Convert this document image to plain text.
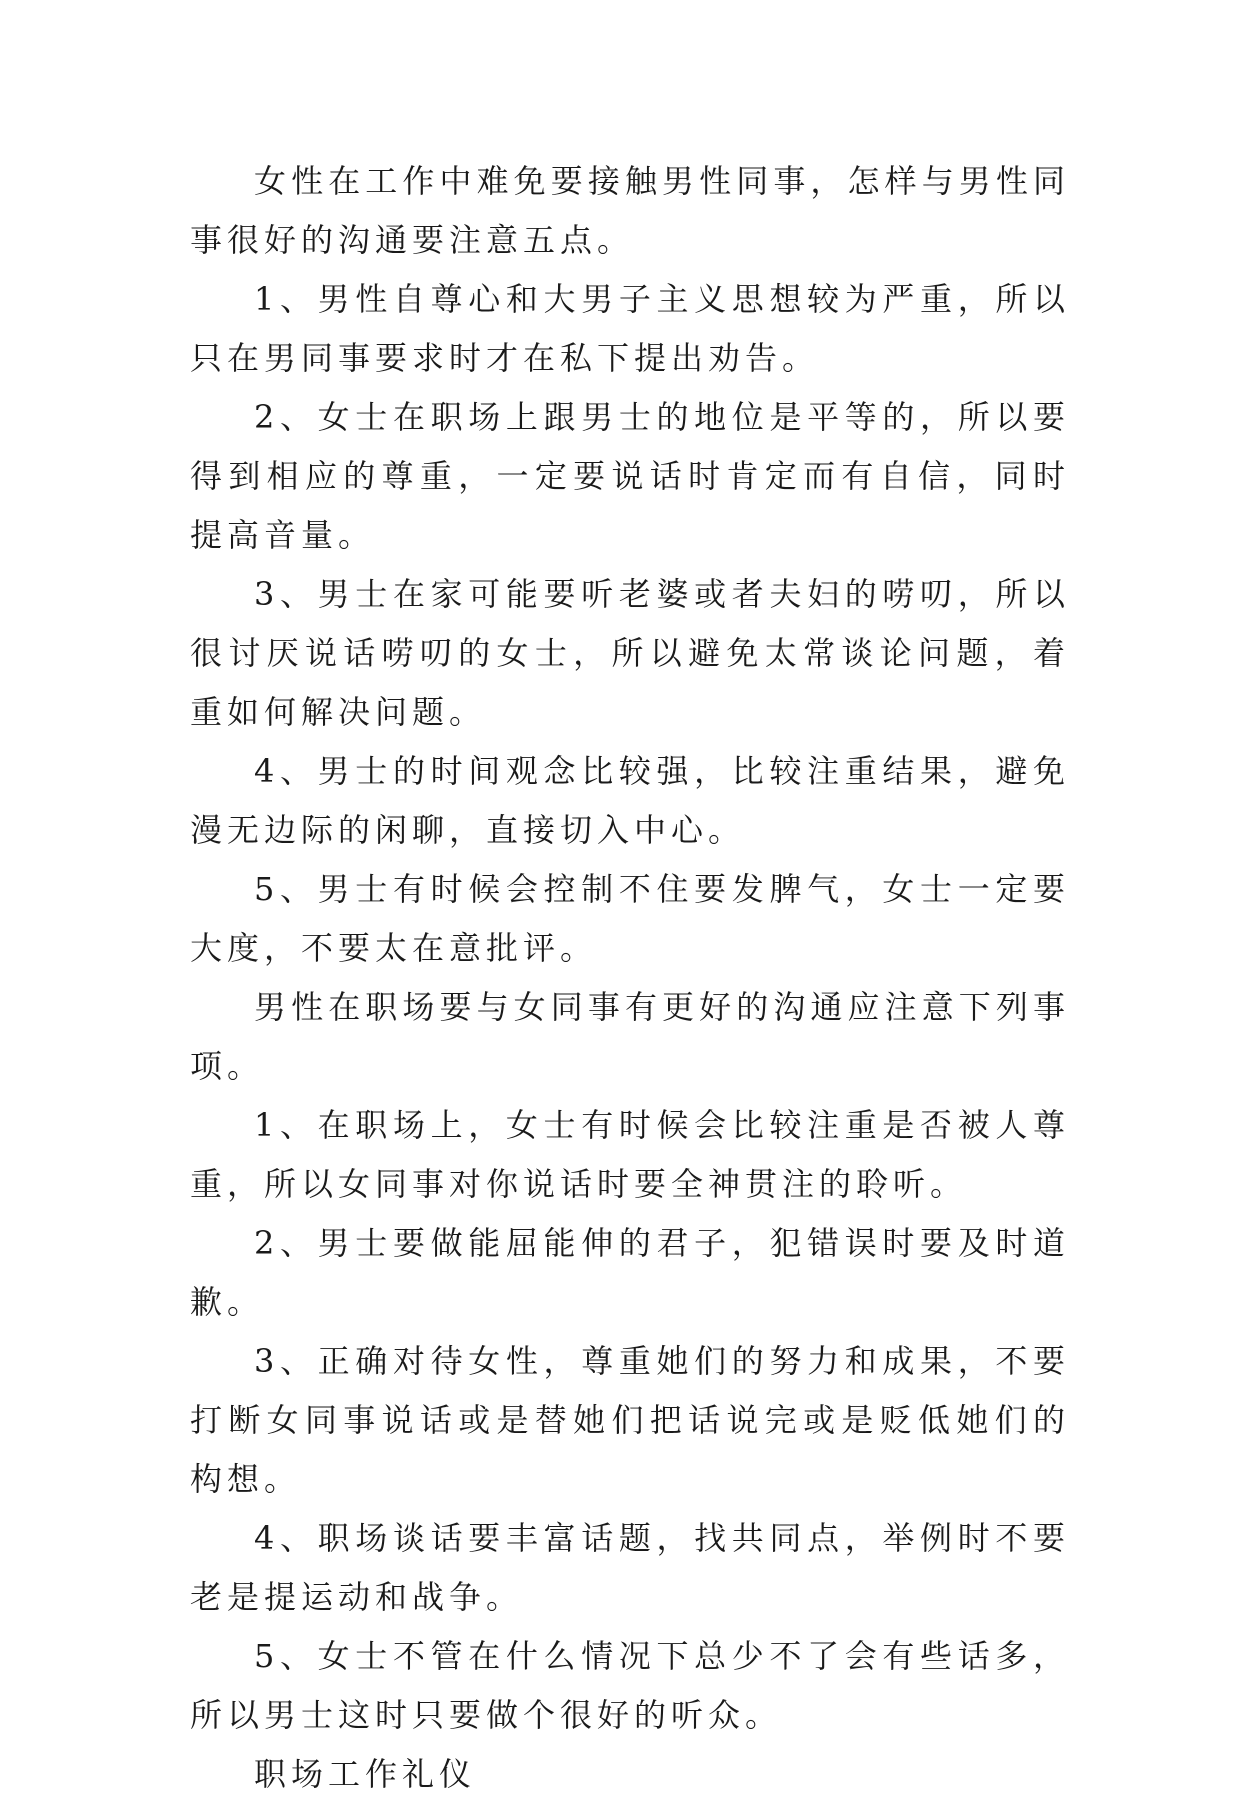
女性在工作中难免要接触男性同事，怎样与男性同事很好的沟通要注意五点。

1、男性自尊心和大男子主义思想较为严重，所以只在男同事要求时才在私下提出劝告。

2、女士在职场上跟男士的地位是平等的，所以要得到相应的尊重，一定要说话时肯定而有自信，同时提高音量。

3、男士在家可能要听老婆或者夫妇的唠叨，所以很讨厌说话唠叨的女士，所以避免太常谈论问题，着重如何解决问题。

4、男士的时间观念比较强，比较注重结果，避免漫无边际的闲聊，直接切入中心。

5、男士有时候会控制不住要发脾气，女士一定要大度，不要太在意批评。

男性在职场要与女同事有更好的沟通应注意下列事项。

1、在职场上，女士有时候会比较注重是否被人尊重，所以女同事对你说话时要全神贯注的聆听。

2、男士要做能屈能伸的君子，犯错误时要及时道歉。

3、正确对待女性，尊重她们的努力和成果，不要打断女同事说话或是替她们把话说完或是贬低她们的构想。

4、职场谈话要丰富话题，找共同点，举例时不要老是提运动和战争。

5、女士不管在什么情况下总少不了会有些话多，所以男士这时只要做个很好的听众。

职场工作礼仪
